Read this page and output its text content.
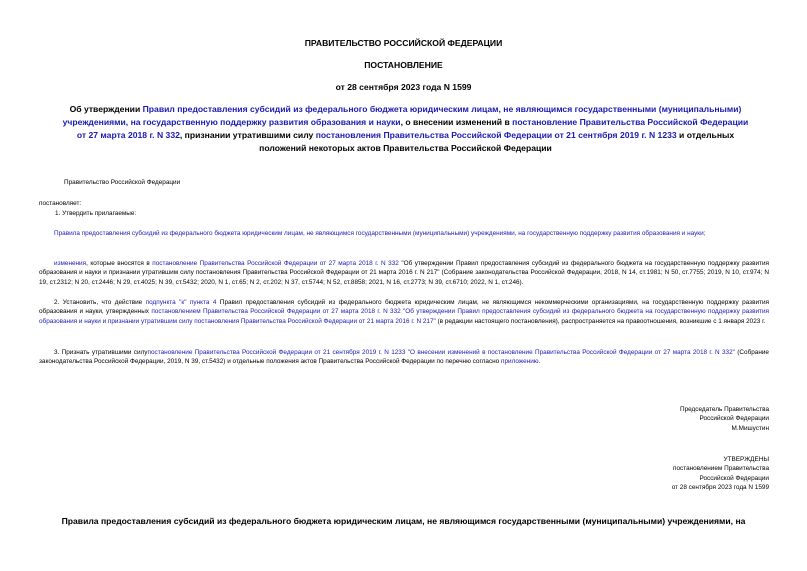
ПРАВИТЕЛЬСТВО РОССИЙСКОЙ ФЕДЕРАЦИИ
ПОСТАНОВЛЕНИЕ
от 28 сентября 2023 года N 1599
Об утверждении Правил предоставления субсидий из федерального бюджета юридическим лицам, не являющимся государственными (муниципальными) учреждениями, на государственную поддержку развития образования и науки, о внесении изменений в постановление Правительства Российской Федерации от 27 марта 2018 г. N 332, признании утратившими силу постановления Правительства Российской Федерации от 21 сентября 2019 г. N 1233 и отдельных положений некоторых актов Правительства Российской Федерации
Правительство Российской Федерации
постановляет:
1. Утвердить прилагаемые:
Правила предоставления субсидий из федерального бюджета юридическим лицам, не являющимся государственными (муниципальными) учреждениями, на государственную поддержку развития образования и науки;
изменения, которые вносятся в постановление Правительства Российской Федерации от 27 марта 2018 г. N 332 "Об утверждении Правил предоставления субсидий из федерального бюджета на государственную поддержку развития образования и науки и признании утратившим силу постановления Правительства Российской Федерации от 21 марта 2016 г. N 217" (Собрание законодательства Российской Федерации, 2018, N 14, ст.1981; N 50, ст.7755; 2019, N 10, ст.974; N 19, ст.2312; N 20, ст.2446; N 29, ст.4025; N 39, ст.5432; 2020, N 1, ст.65; N 2, ст.202; N 37, ст.5744; N 52, ст.8858; 2021, N 16, ст.2773; N 39, ст.6710; 2022, N 1, ст.246).
2. Установить, что действие подпункта "к" пункта 4 Правил предоставления субсидий из федерального бюджета юридическим лицам, не являющимся некоммерческими организациями, на государственную поддержку развития образования и науки, утвержденных постановлением Правительства Российской Федерации от 27 марта 2018 г. N 332 "Об утверждении Правил предоставления субсидий из федерального бюджета на государственную поддержку развития образования и науки и признании утратившим силу постановления Правительства Российской Федерации от 21 марта 2016 г. N 217" (в редакции настоящего постановления), распространяется на правоотношения, возникшие с 1 января 2023 г.
3. Признать утратившими силупостановление Правительства Российской Федерации от 21 сентября 2019 г. N 1233 "О внесении изменений в постановление Правительства Российской Федерации от 27 марта 2018 г. N 332" (Собрание законодательства Российской Федерации, 2019, N 39, ст.5432) и отдельные положения актов Правительства Российской Федерации по перечню согласно приложению.
Председатель Правительства
Российской Федерации
М.Мишустин
УТВЕРЖДЕНЫ
постановлением Правительства
Российской Федерации
от 28 сентября 2023 года N 1599
Правила предоставления субсидий из федерального бюджета юридическим лицам, не являющимся государственными (муниципальными) учреждениями, на
